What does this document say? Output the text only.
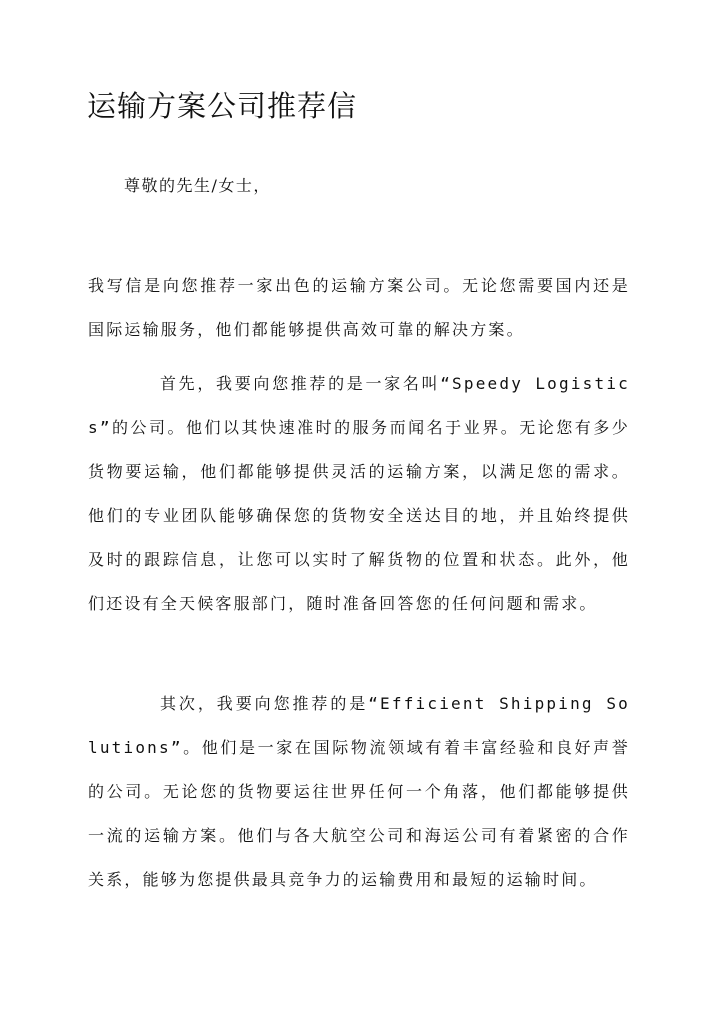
运输方案公司推荐信

尊敬的先生/女士，

我写信是向您推荐一家出色的运输方案公司。无论您需要国内还是国际运输服务，他们都能够提供高效可靠的解决方案。

首先，我要向您推荐的是一家名叫“Speedy Logistics”的公司。他们以其快速准时的服务而闻名于业界。无论您有多少货物要运输，他们都能够提供灵活的运输方案，以满足您的需求。他们的专业团队能够确保您的货物安全送达目的地，并且始终提供及时的跟踪信息，让您可以实时了解货物的位置和状态。此外，他们还设有全天候客服部门，随时准备回答您的任何问题和需求。

其次，我要向您推荐的是“Efficient Shipping Solutions”。他们是一家在国际物流领域有着丰富经验和良好声誉的公司。无论您的货物要运往世界任何一个角落，他们都能够提供一流的运输方案。他们与各大航空公司和海运公司有着紧密的合作关系，能够为您提供最具竞争力的运输费用和最短的运输时间。
